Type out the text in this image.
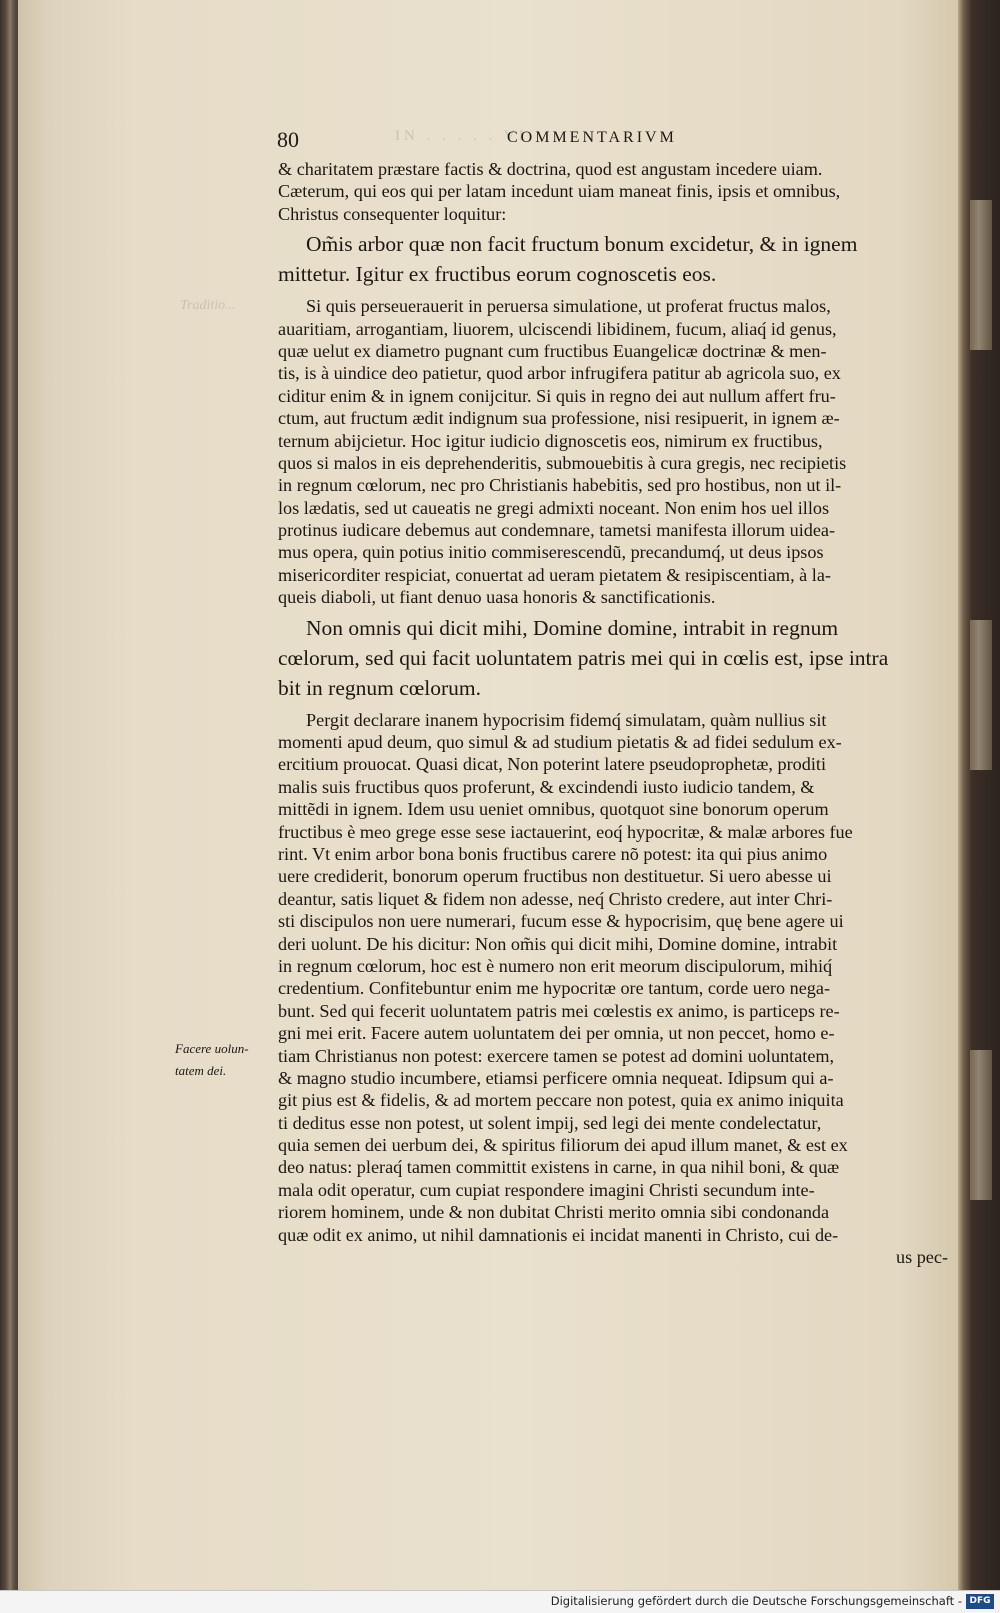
IN . . . . . VI.
80	COMMENTARIVM
Traditio...
& charitatem præstare factis & doctrina, quod est angustam incedere uiam.
Cæterum, qui eos qui per latam incedunt uiam maneat finis, ipsis et omnibus,
Christus consequenter loquitur:
Om̃is arbor quæ non facit fructum bonum excidetur, & in ignem
mittetur. Igitur ex fructibus eorum cognoscetis eos.
Si quis perseuerauerit in peruersa simulatione, ut proferat fructus malos,
auaritiam, arrogantiam, liuorem, ulciscendi libidinem, fucum, aliaq́ id genus,
quæ uelut ex diametro pugnant cum fructibus Euangelicæ doctrinæ & men-
tis, is à uindice deo patietur, quod arbor infrugifera patitur ab agricola suo, ex
ciditur enim & in ignem conijcitur. Si quis in regno dei aut nullum affert fru-
ctum, aut fructum ædit indignum sua professione, nisi resipuerit, in ignem æ-
ternum abijcietur. Hoc igitur iudicio dignoscetis eos, nimirum ex fructibus,
quos si malos in eis deprehenderitis, submouebitis à cura gregis, nec recipietis
in regnum cœlorum, nec pro Christianis habebitis, sed pro hostibus, non ut il-
los lædatis, sed ut caueatis ne gregi admixti noceant. Non enim hos uel illos
protinus iudicare debemus aut condemnare, tametsi manifesta illorum uidea-
mus opera, quin potius initio commiserescendũ, precandumq́, ut deus ipsos
misericorditer respiciat, conuertat ad ueram pietatem & resipiscentiam, à la-
queis diaboli, ut fiant denuo uasa honoris & sanctificationis.
Non omnis qui dicit mihi, Domine domine, intrabit in regnum
cœlorum, sed qui facit uoluntatem patris mei qui in cœlis est, ipse intra
bit in regnum cœlorum.
Pergit declarare inanem hypocrisim fidemq́ simulatam, quàm nullius sit
momenti apud deum, quo simul & ad studium pietatis & ad fidei sedulum ex-
ercitium prouocat. Quasi dicat, Non poterint latere pseudoprophetæ, proditi
malis suis fructibus quos proferunt, & excindendi iusto iudicio tandem, &
mittẽdi in ignem. Idem usu ueniet omnibus, quotquot sine bonorum operum
fructibus è meo grege esse sese iactauerint, eoq́ hypocritæ, & malæ arbores fue
rint. Vt enim arbor bona bonis fructibus carere nõ potest: ita qui pius animo
uere crediderit, bonorum operum fructibus non destituetur. Si uero abesse ui
deantur, satis liquet & fidem non adesse, neq́ Christo credere, aut inter Chri-
sti discipulos non uere numerari, fucum esse & hypocrisim, quę bene agere ui
deri uolunt. De his dicitur: Non om̃is qui dicit mihi, Domine domine, intrabit
in regnum cœlorum, hoc est è numero non erit meorum discipulorum, mihiq́
credentium. Confitebuntur enim me hypocritæ ore tantum, corde uero nega-
bunt. Sed qui fecerit uoluntatem patris mei cœlestis ex animo, is particeps re-
gni mei erit. Facere autem uoluntatem dei per omnia, ut non peccet, homo e-
tiam Christianus non potest: exercere tamen se potest ad domini uoluntatem,
& magno studio incumbere, etiamsi perficere omnia nequeat. Idipsum qui a-
git pius est & fidelis, & ad mortem peccare non potest, quia ex animo iniquita
ti deditus esse non potest, ut solent impij, sed legi dei mente condelectatur,
quia semen dei uerbum dei, & spiritus filiorum dei apud illum manet, & est ex
deo natus: pleraq́ tamen committit existens in carne, in qua nihil boni, & quæ
mala odit operatur, cum cupiat respondere imagini Christi secundum inte-
riorem hominem, unde & non dubitat Christi merito omnia sibi condonanda
quæ odit ex animo, ut nihil damnationis ei incidat manenti in Christo, cui de-
us pec-
Facere uolun-
tatem dei.
Digitalisierung gefördert durch die Deutsche Forschungsgemeinschaft - DFG
